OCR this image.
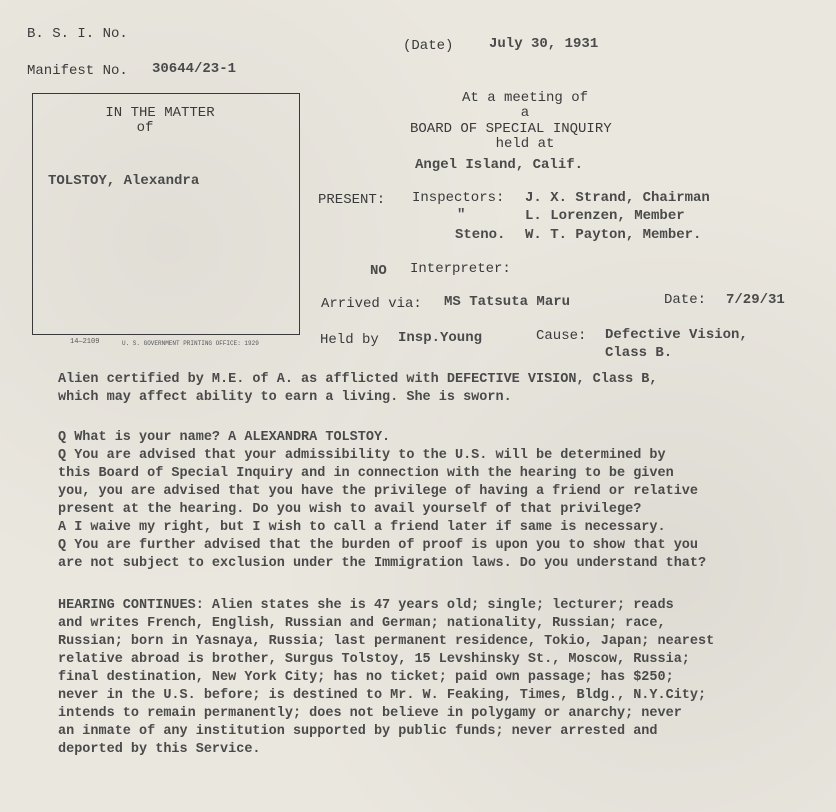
B. S. I. No.
Manifest No. 30644/23-1
(Date)	July 30, 1931
IN THE MATTER
of
TOLSTOY, Alexandra
14—2109	U. S. GOVERNMENT PRINTING OFFICE: 1929
At a meeting of
a
BOARD OF SPECIAL INQUIRY
held at
Angel Island, Calif.
PRESENT: Inspectors: J. X. Strand, Chairman
"	L. Lorenzen, Member
Steno. W. T. Payton, Member.
NO Interpreter:
Arrived via: MS Tatsuta Maru	Date: 7/29/31
Held by Insp.Young	Cause: Defective Vision,
Class B.
Alien certified by M.E. of A. as afflicted with DEFECTIVE VISION, Class B,
which may affect ability to earn a living. She is sworn.
Q What is your name? A ALEXANDRA TOLSTOY.
Q You are advised that your admissibility to the U.S. will be determined by
this Board of Special Inquiry and in connection with the hearing to be given
you, you are advised that you have the privilege of having a friend or relative
present at the hearing. Do you wish to avail yourself of that privilege?
A I waive my right, but I wish to call a friend later if same is necessary.
Q You are further advised that the burden of proof is upon you to show that you
are not subject to exclusion under the Immigration laws. Do you understand that?
HEARING CONTINUES: Alien states she is 47 years old; single; lecturer; reads
and writes French, English, Russian and German; nationality, Russian; race,
Russian; born in Yasnaya, Russia; last permanent residence, Tokio, Japan; nearest
relative abroad is brother, Surgus Tolstoy, 15 Levshinsky St., Moscow, Russia;
final destination, New York City; has no ticket; paid own passage; has $250;
never in the U.S. before; is destined to Mr. W. Feaking, Times, Bldg., N.Y.City;
intends to remain permanently; does not believe in polygamy or anarchy; never
an inmate of any institution supported by public funds; never arrested and
deported by this Service.
